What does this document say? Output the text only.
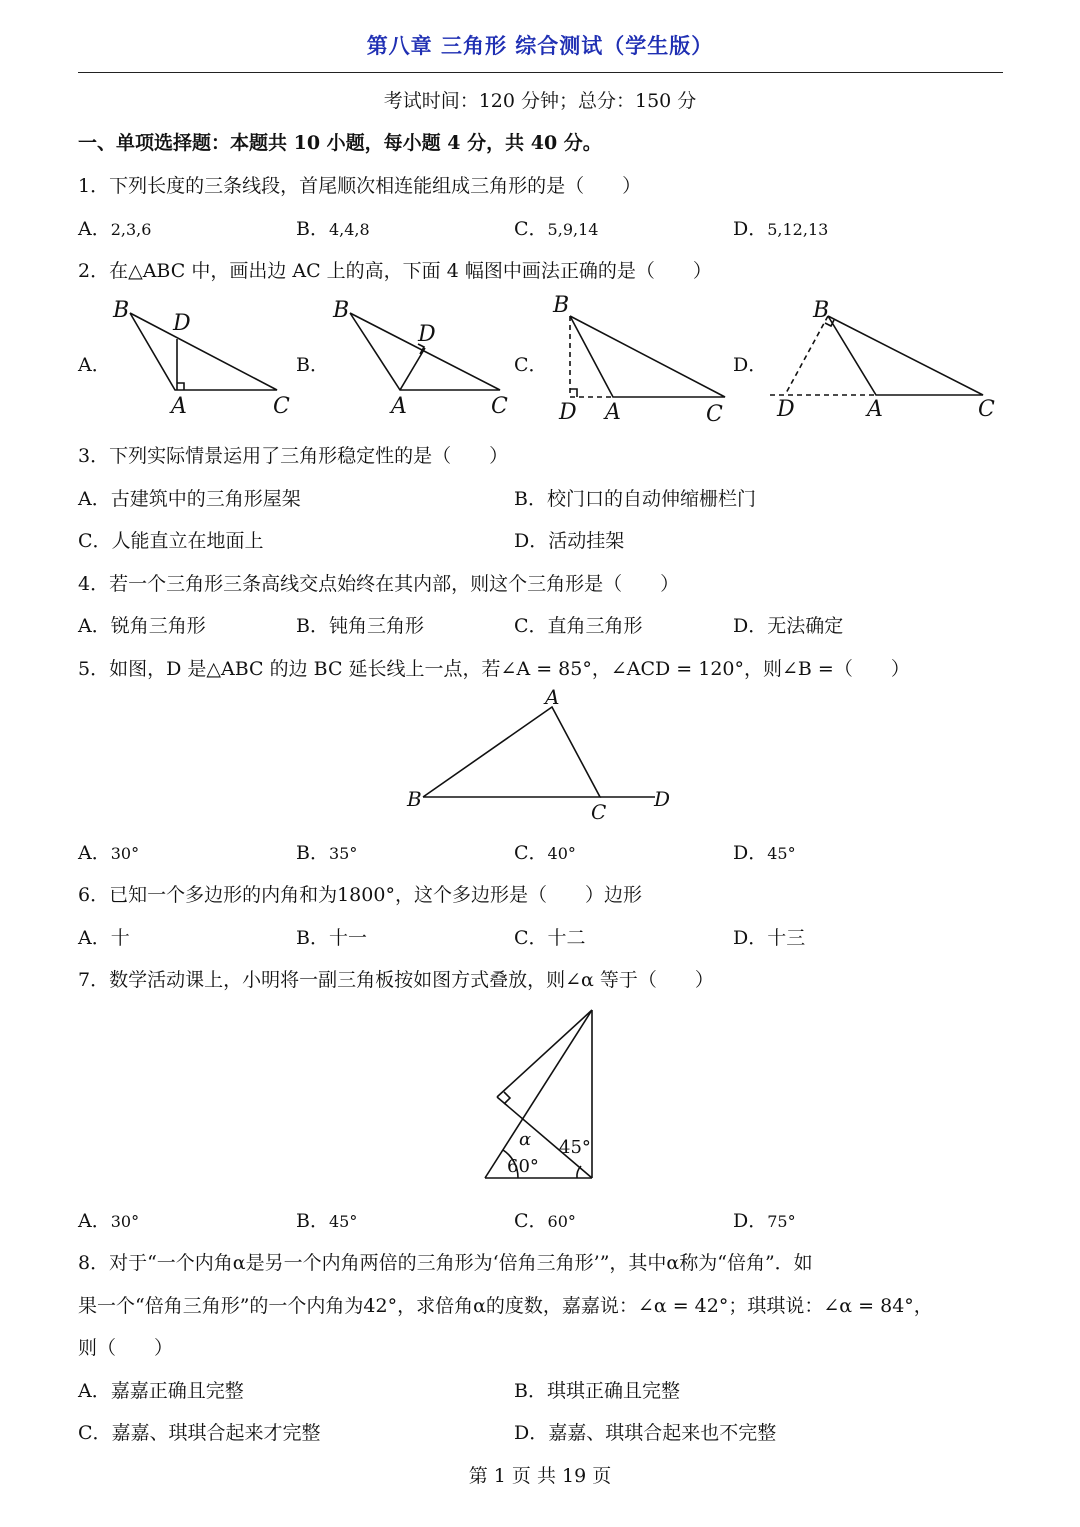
第八章 三角形 综合测试（学生版）
考试时间：120 分钟；总分：150 分
一、单项选择题：本题共 10 小题，每小题 4 分，共 40 分。
1．下列长度的三条线段，首尾顺次相连能组成三角形的是（　　）
A．2,3,6	B．4,4,8	C．5,9,14	D．5,12,13
2．在△ABC 中，画出边 AC 上的高，下面 4 幅图中画法正确的是（　　）
A．	B．	C．	D．
B
D
A	C
B
D
A	C
B
D A	C
B
D	A	C
3．下列实际情景运用了三角形稳定性的是（　　）
A．古建筑中的三角形屋架	B．校门口的自动伸缩栅栏门
C．人能直立在地面上	D．活动挂架
4．若一个三角形三条高线交点始终在其内部，则这个三角形是（　　）
A．锐角三角形	B．钝角三角形	C．直角三角形	D．无法确定
5．如图，D 是△ABC 的边 BC 延长线上一点，若∠A = 85°，∠ACD = 120°，则∠B =（　　）
A
B
C
D
A．30°	B．35°	C．40°	D．45°
6．已知一个多边形的内角和为1800°，这个多边形是（　　）边形
A．十	B．十一	C．十二	D．十三
7．数学活动课上，小明将一副三角板按如图方式叠放，则∠α 等于（　　）
α 45°
60°
A．30°	B．45°	C．60°	D．75°
8．对于“一个内角α是另一个内角两倍的三角形为‘倍角三角形’”，其中α称为“倍角”．如
果一个“倍角三角形”的一个内角为42°，求倍角α的度数，嘉嘉说：∠α = 42°；琪琪说：∠α = 84°，
则（　　）
A．嘉嘉正确且完整	B．琪琪正确且完整
C．嘉嘉、琪琪合起来才完整	D．嘉嘉、琪琪合起来也不完整
第 1 页 共 19 页
